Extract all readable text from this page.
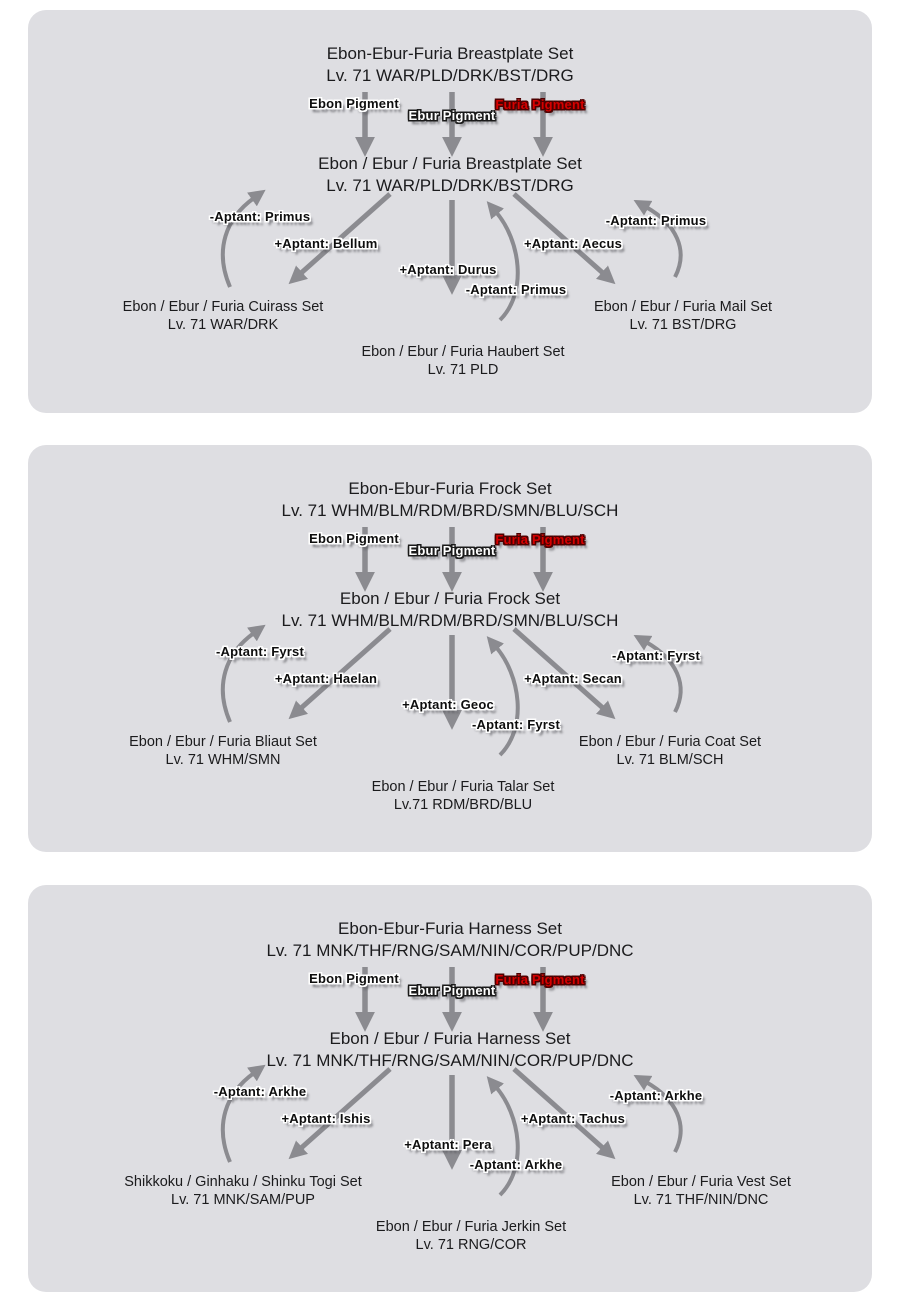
Ebon-Ebur-Furia Breastplate Set
Lv. 71 WAR/PLD/DRK/BST/DRG
Ebon Pigment
Ebur Pigment
Furia Pigment
Ebon / Ebur / Furia Breastplate Set
Lv. 71 WAR/PLD/DRK/BST/DRG
-Aptant: Primus
+Aptant: Bellum
+Aptant: Durus
-Aptant: Primus
+Aptant: Aecus
-Aptant: Primus
Ebon / Ebur / Furia Cuirass Set
Lv. 71 WAR/DRK
Ebon / Ebur / Furia Haubert Set
Lv. 71 PLD
Ebon / Ebur / Furia Mail Set
Lv. 71 BST/DRG
Ebon-Ebur-Furia Frock Set
Lv. 71 WHM/BLM/RDM/BRD/SMN/BLU/SCH
Ebon Pigment
Ebur Pigment
Furia Pigment
Ebon / Ebur / Furia Frock Set
Lv. 71 WHM/BLM/RDM/BRD/SMN/BLU/SCH
-Aptant: Fyrst
+Aptant: Haelan
+Aptant: Geoc
-Aptant: Fyrst
+Aptant: Secan
-Aptant: Fyrst
Ebon / Ebur / Furia Bliaut Set
Lv. 71 WHM/SMN
Ebon / Ebur / Furia Talar Set
Lv.71 RDM/BRD/BLU
Ebon / Ebur / Furia Coat Set
Lv. 71 BLM/SCH
Ebon-Ebur-Furia Harness Set
Lv. 71 MNK/THF/RNG/SAM/NIN/COR/PUP/DNC
Ebon Pigment
Ebur Pigment
Furia Pigment
Ebon / Ebur / Furia Harness Set
Lv. 71 MNK/THF/RNG/SAM/NIN/COR/PUP/DNC
-Aptant: Arkhe
+Aptant: Ishis
+Aptant: Pera
-Aptant: Arkhe
+Aptant: Tachus
-Aptant: Arkhe
Shikkoku / Ginhaku / Shinku Togi Set
Lv. 71 MNK/SAM/PUP
Ebon / Ebur / Furia Jerkin Set
Lv. 71 RNG/COR
Ebon / Ebur / Furia Vest Set
Lv. 71 THF/NIN/DNC
